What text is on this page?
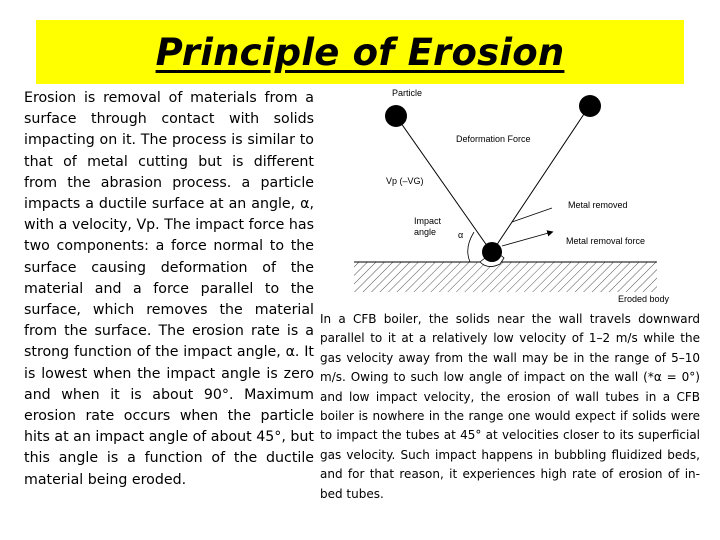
Principle of Erosion

Erosion is removal of materials from a surface through contact with solids impacting on it. The process is similar to that of metal cutting but is different from the abrasion process. a particle impacts a ductile surface at an angle, α, with a velocity, Vp. The impact force has two components: a force normal to the surface causing deformation of the material and a force parallel to the surface, which removes the material from the surface. The erosion rate is a strong function of the impact angle, α. It is lowest when the impact angle is zero and when it is about 90°. Maximum erosion rate occurs when the particle hits at an impact angle of about 45°, but this angle is a function of the ductile material being eroded.

Particle
Deformation Force
Vp (–VG)
Impact
angle α
Metal removed
Metal removal force
Eroded body

In a CFB boiler, the solids near the wall travels downward parallel to it at a relatively low velocity of 1–2 m/s while the gas velocity away from the wall may be in the range of 5–10 m/s. Owing to such low angle of impact on the wall (*α = 0°) and low impact velocity, the erosion of wall tubes in a CFB boiler is nowhere in the range one would expect if solids were to impact the tubes at 45° at velocities closer to its superficial gas velocity. Such impact happens in bubbling fluidized beds, and for that reason, it experiences high rate of erosion of in-bed tubes.
